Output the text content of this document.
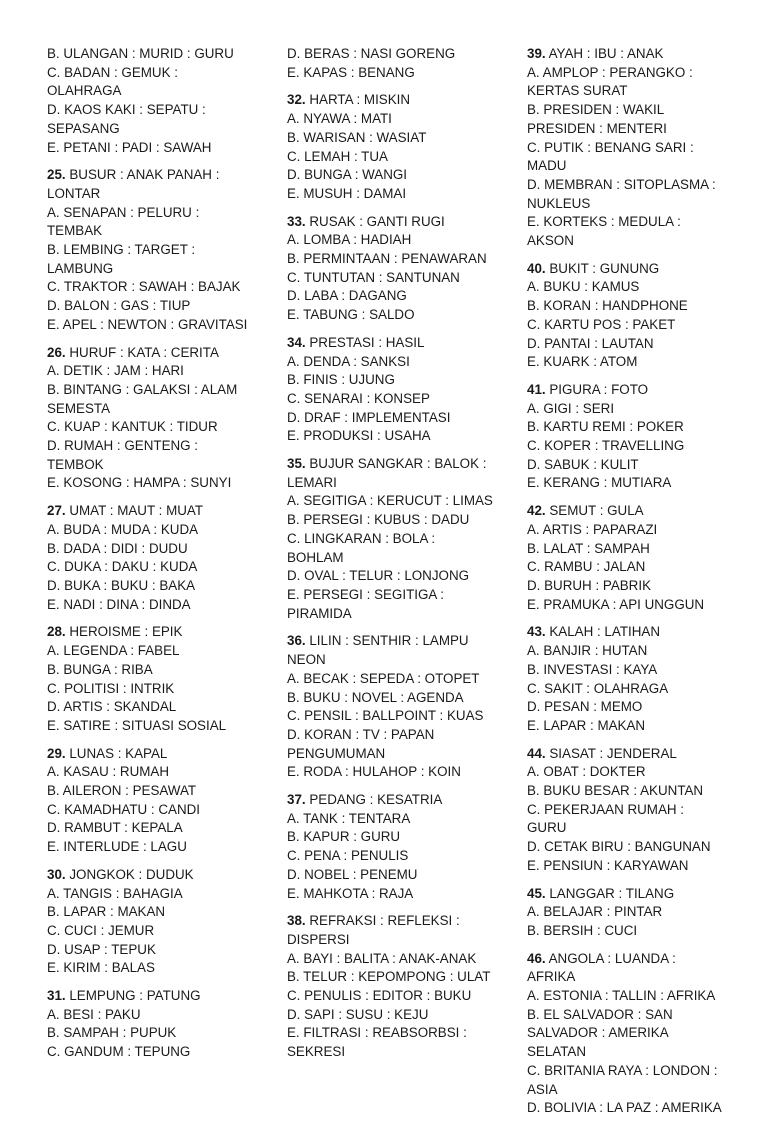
B. ULANGAN : MURID : GURU
C. BADAN : GEMUK : OLAHRAGA
D. KAOS KAKI : SEPATU : SEPASANG
E. PETANI : PADI : SAWAH
25. BUSUR : ANAK PANAH : LONTAR
A. SENAPAN : PELURU : TEMBAK
B. LEMBING : TARGET : LAMBUNG
C. TRAKTOR : SAWAH : BAJAK
D. BALON : GAS : TIUP
E. APEL : NEWTON : GRAVITASI
26. HURUF : KATA : CERITA
A. DETIK : JAM : HARI
B. BINTANG : GALAKSI : ALAM SEMESTA
C. KUAP : KANTUK : TIDUR
D. RUMAH : GENTENG : TEMBOK
E. KOSONG : HAMPA : SUNYI
27. UMAT : MAUT : MUAT
A. BUDA : MUDA : KUDA
B. DADA : DIDI : DUDU
C. DUKA : DAKU : KUDA
D. BUKA : BUKU : BAKA
E. NADI : DINA : DINDA
28. HEROISME : EPIK
A. LEGENDA : FABEL
B. BUNGA : RIBA
C. POLITISI : INTRIK
D. ARTIS : SKANDAL
E. SATIRE : SITUASI SOSIAL
29. LUNAS : KAPAL
A. KASAU : RUMAH
B. AILERON : PESAWAT
C. KAMADHATU : CANDI
D. RAMBUT : KEPALA
E. INTERLUDE : LAGU
30. JONGKOK : DUDUK
A. TANGIS : BAHAGIA
B. LAPAR : MAKAN
C. CUCI : JEMUR
D. USAP : TEPUK
E. KIRIM : BALAS
31. LEMPUNG : PATUNG
A. BESI : PAKU
B. SAMPAH : PUPUK
C. GANDUM : TEPUNG
D. BERAS : NASI GORENG
E. KAPAS : BENANG
32. HARTA : MISKIN
A. NYAWA : MATI
B. WARISAN : WASIAT
C. LEMAH : TUA
D. BUNGA : WANGI
E. MUSUH : DAMAI
33. RUSAK : GANTI RUGI
A. LOMBA : HADIAH
B. PERMINTAAN : PENAWARAN
C. TUNTUTAN : SANTUNAN
D. LABA : DAGANG
E. TABUNG : SALDO
34. PRESTASI : HASIL
A. DENDA : SANKSI
B. FINIS : UJUNG
C. SENARAI : KONSEP
D. DRAF : IMPLEMENTASI
E. PRODUKSI : USAHA
35. BUJUR SANGKAR : BALOK : LEMARI
A. SEGITIGA : KERUCUT : LIMAS
B. PERSEGI : KUBUS : DADU
C. LINGKARAN : BOLA : BOHLAM
D. OVAL : TELUR : LONJONG
E. PERSEGI : SEGITIGA : PIRAMIDA
36. LILIN : SENTHIR : LAMPU NEON
A. BECAK : SEPEDA : OTOPET
B. BUKU : NOVEL : AGENDA
C. PENSIL : BALLPOINT : KUAS
D. KORAN : TV : PAPAN PENGUMUMAN
E. RODA : HULAHOP : KOIN
37. PEDANG : KESATRIA
A. TANK : TENTARA
B. KAPUR : GURU
C. PENA : PENULIS
D. NOBEL : PENEMU
E. MAHKOTA : RAJA
38. REFRAKSI : REFLEKSI : DISPERSI
A. BAYI : BALITA : ANAK-ANAK
B. TELUR : KEPOMPONG : ULAT
C. PENULIS : EDITOR : BUKU
D. SAPI : SUSU : KEJU
E. FILTRASI : REABSORBSI : SEKRESI
39. AYAH : IBU : ANAK
A. AMPLOP : PERANGKO : KERTAS SURAT
B. PRESIDEN : WAKIL PRESIDEN : MENTERI
C. PUTIK : BENANG SARI : MADU
D. MEMBRAN : SITOPLASMA : NUKLEUS
E. KORTEKS : MEDULA : AKSON
40. BUKIT : GUNUNG
A. BUKU : KAMUS
B. KORAN : HANDPHONE
C. KARTU POS : PAKET
D. PANTAI : LAUTAN
E. KUARK : ATOM
41. PIGURA : FOTO
A. GIGI : SERI
B. KARTU REMI : POKER
C. KOPER : TRAVELLING
D. SABUK : KULIT
E. KERANG : MUTIARA
42. SEMUT : GULA
A. ARTIS : PAPARAZI
B. LALAT : SAMPAH
C. RAMBU : JALAN
D. BURUH : PABRIK
E. PRAMUKA : API UNGGUN
43. KALAH : LATIHAN
A. BANJIR : HUTAN
B. INVESTASI : KAYA
C. SAKIT : OLAHRAGA
D. PESAN : MEMO
E. LAPAR : MAKAN
44. SIASAT : JENDERAL
A. OBAT : DOKTER
B. BUKU BESAR : AKUNTAN
C. PEKERJAAN RUMAH : GURU
D. CETAK BIRU : BANGUNAN
E. PENSIUN : KARYAWAN
45. LANGGAR : TILANG
A. BELAJAR : PINTAR
B. BERSIH : CUCI
46. ANGOLA : LUANDA : AFRIKA
A. ESTONIA : TALLIN : AFRIKA
B. EL SALVADOR : SAN SALVADOR : AMERIKA SELATAN
C. BRITANIA RAYA : LONDON : ASIA
D. BOLIVIA : LA PAZ : AMERIKA
